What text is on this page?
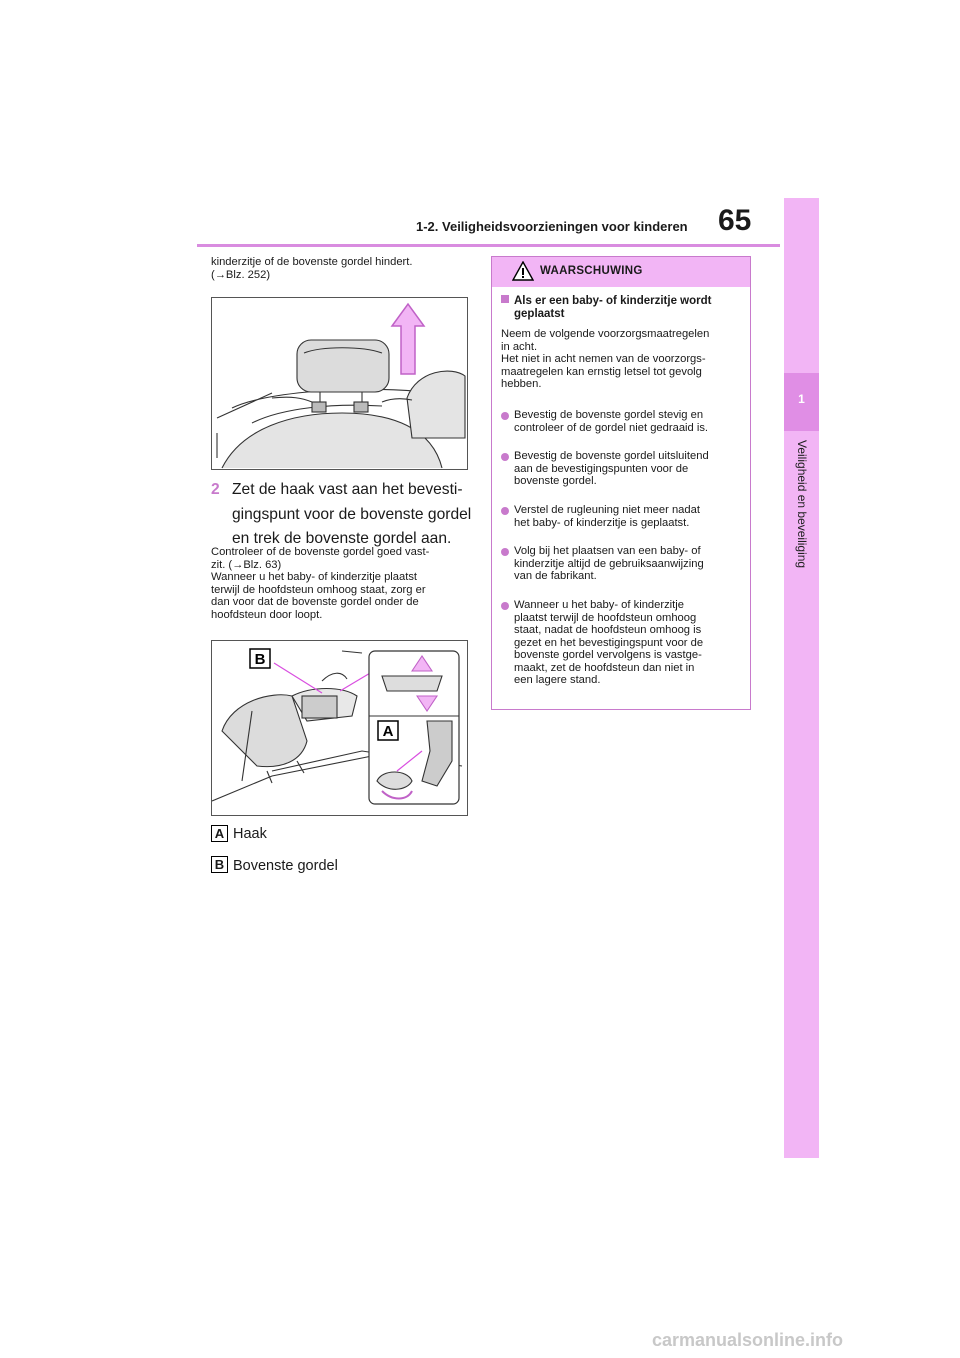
1-2. Veiligheidsvoorzieningen voor kinderen 65
1
Veiligheid en beveiliging

kinderzitje of de bovenste gordel hindert.

(→Blz. 252)

2 Zet de haak vast aan het bevesti-gingspunt voor de bovenste gordel en trek de bovenste gordel aan.

Controleer of de bovenste gordel goed vast-

zit. (→Blz. 63)

Wanneer u het baby- of kinderzitje plaatst

terwijl de hoofdsteun omhoog staat, zorg er

dan voor dat de bovenste gordel onder de

hoofdsteun door loopt.

B
A
A Haak
B Bovenste gordel
WAARSCHUWING
Als er een baby- of kinderzitje wordt
geplaatst
Neem de volgende voorzorgsmaatregelen
in acht.
Het niet in acht nemen van de voorzorgs-
maatregelen kan ernstig letsel tot gevolg
hebben.
Bevestig de bovenste gordel stevig en
controleer of de gordel niet gedraaid is.
Bevestig de bovenste gordel uitsluitend
aan de bevestigingspunten voor de
bovenste gordel.
Verstel de rugleuning niet meer nadat
het baby- of kinderzitje is geplaatst.
Volg bij het plaatsen van een baby- of
kinderzitje altijd de gebruiksaanwijzing
van de fabrikant.
Wanneer u het baby- of kinderzitje
plaatst terwijl de hoofdsteun omhoog
staat, nadat de hoofdsteun omhoog is
gezet en het bevestigingspunt voor de
bovenste gordel vervolgens is vastge-
maakt, zet de hoofdsteun dan niet in
een lagere stand.
carmanualsonline.info
